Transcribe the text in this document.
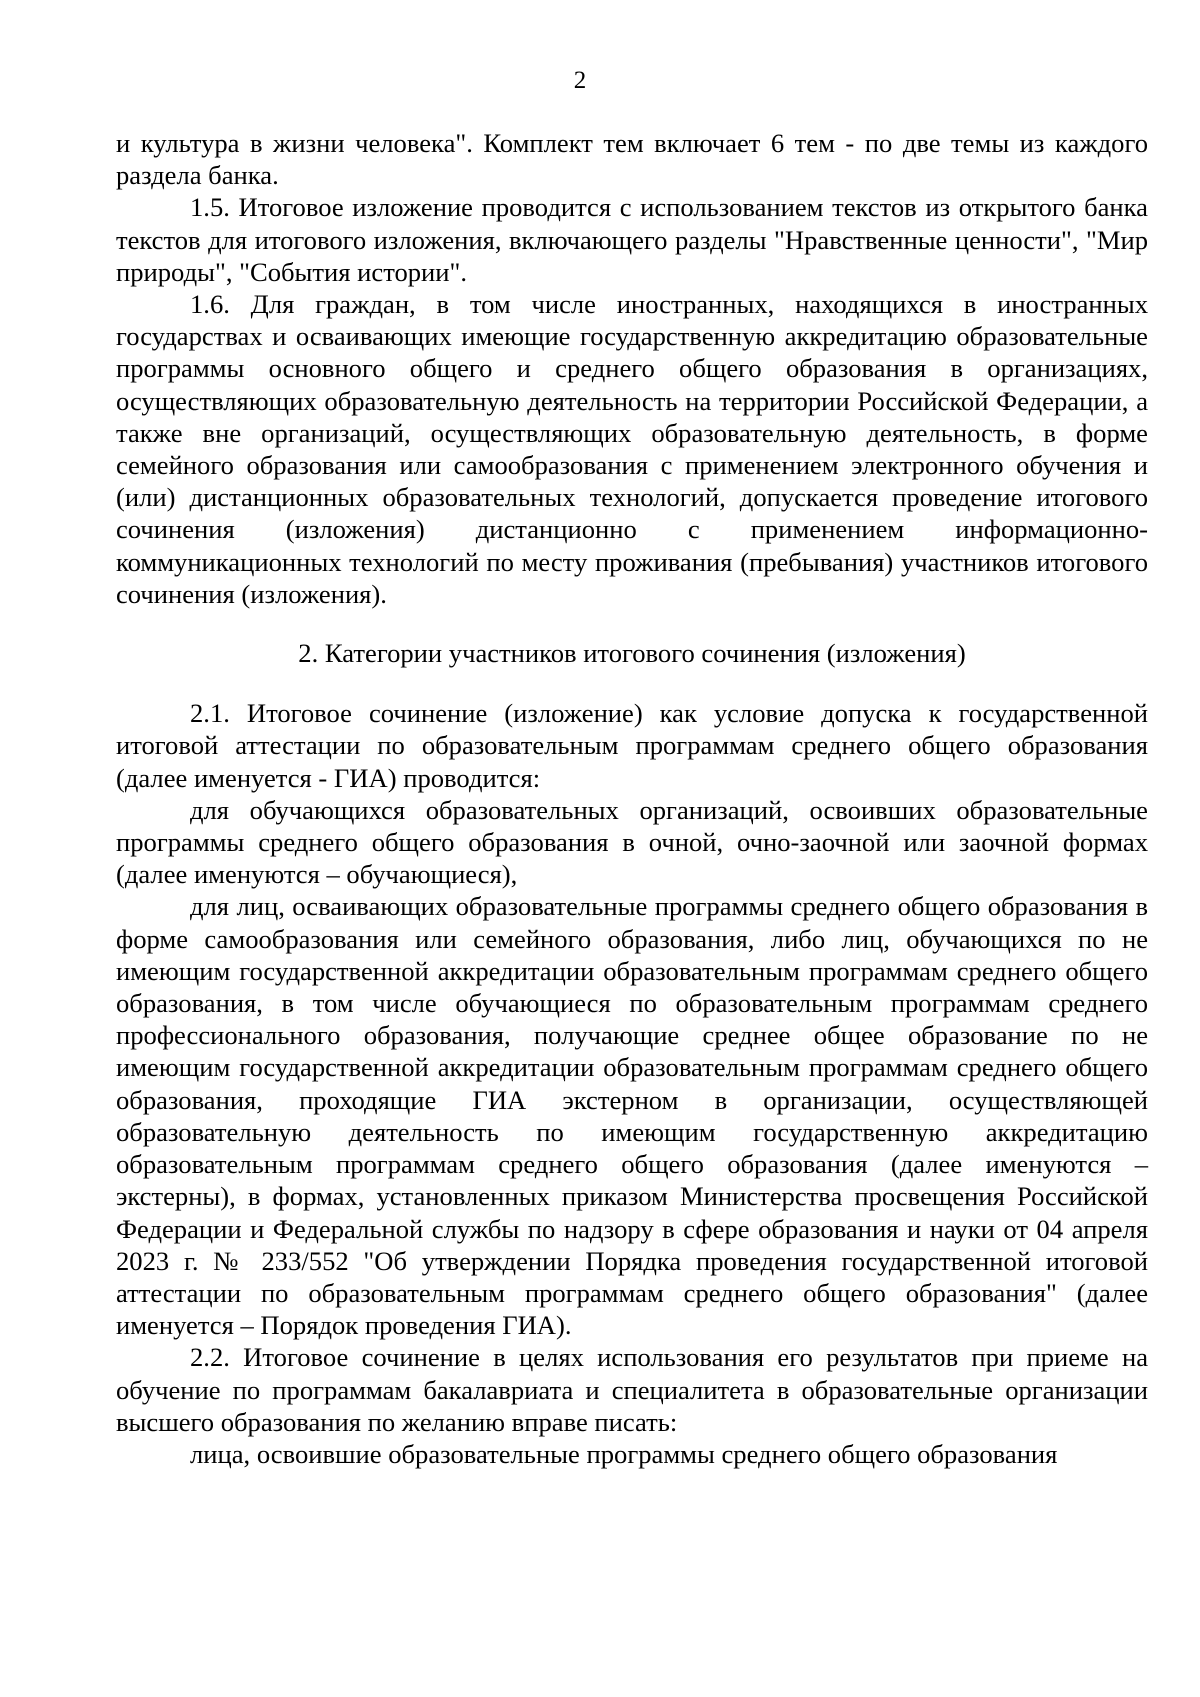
2

и культура в жизни человека". Комплект тем включает 6 тем - по две темы из каждого раздела банка.

1.5. Итоговое изложение проводится с использованием текстов из открытого банка текстов для итогового изложения, включающего разделы "Нравственные ценности", "Мир природы", "События истории".

1.6. Для граждан, в том числе иностранных, находящихся в иностранных государствах и осваивающих имеющие государственную аккредитацию образовательные программы основного общего и среднего общего образования в организациях, осуществляющих образовательную деятельность на территории Российской Федерации, а также вне организаций, осуществляющих образовательную деятельность, в форме семейного образования или самообразования с применением электронного обучения и (или) дистанционных образовательных технологий, допускается проведение итогового сочинения (изложения) дистанционно с применением информационно-коммуникационных технологий по месту проживания (пребывания) участников итогового сочинения (изложения).

2. Категории участников итогового сочинения (изложения)

2.1. Итоговое сочинение (изложение) как условие допуска к государственной итоговой аттестации по образовательным программам среднего общего образования (далее именуется - ГИА) проводится:

для обучающихся образовательных организаций, освоивших образовательные программы среднего общего образования в очной, очно-заочной или заочной формах (далее именуются – обучающиеся),

для лиц, осваивающих образовательные программы среднего общего образования в форме самообразования или семейного образования, либо лиц, обучающихся по не имеющим государственной аккредитации образовательным программам среднего общего образования, в том числе обучающиеся по образовательным программам среднего профессионального образования, получающие среднее общее образование по не имеющим государственной аккредитации образовательным программам среднего общего образования, проходящие ГИА экстерном в организации, осуществляющей образовательную деятельность по имеющим государственную аккредитацию образовательным программам среднего общего образования (далее именуются – экстерны), в формах, установленных приказом Министерства просвещения Российской Федерации и Федеральной службы по надзору в сфере образования и науки от 04 апреля 2023 г. № 233/552 "Об утверждении Порядка проведения государственной итоговой аттестации по образовательным программам среднего общего образования" (далее именуется – Порядок проведения ГИА).

2.2. Итоговое сочинение в целях использования его результатов при приеме на обучение по программам бакалавриата и специалитета в образовательные организации высшего образования по желанию вправе писать:

лица, освоившие образовательные программы среднего общего образования
